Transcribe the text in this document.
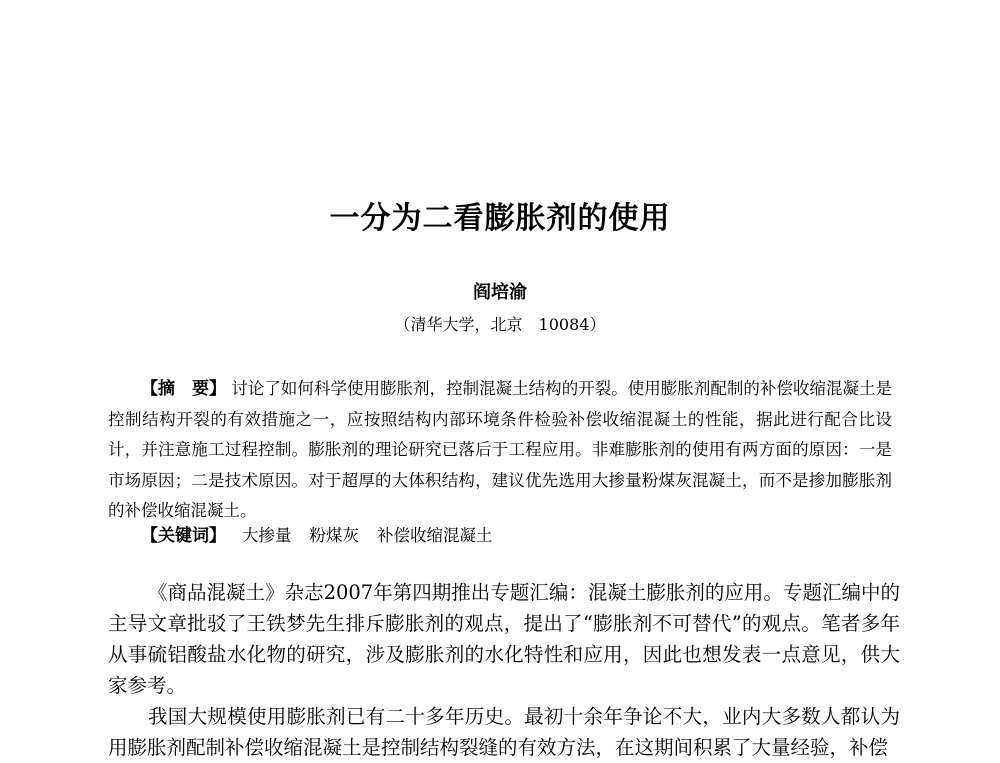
一分为二看膨胀剂的使用
阎培渝
（清华大学，北京　10084）
【摘　要】 讨论了如何科学使用膨胀剂，控制混凝土结构的开裂。使用膨胀剂配制的补偿收缩混凝土是控制结构开裂的有效措施之一，应按照结构内部环境条件检验补偿收缩混凝土的性能，据此进行配合比设计，并注意施工过程控制。膨胀剂的理论研究已落后于工程应用。非难膨胀剂的使用有两方面的原因：一是市场原因；二是技术原因。对于超厚的大体积结构，建议优先选用大掺量粉煤灰混凝土，而不是掺加膨胀剂的补偿收缩混凝土。
【关键词】 大掺量 粉煤灰 补偿收缩混凝土

《商品混凝土》杂志2007年第四期推出专题汇编：混凝土膨胀剂的应用。专题汇编中的主导文章批驳了王铁梦先生排斥膨胀剂的观点，提出了“膨胀剂不可替代”的观点。笔者多年从事硫铝酸盐水化物的研究，涉及膨胀剂的水化特性和应用，因此也想发表一点意见，供大家参考。

我国大规模使用膨胀剂已有二十多年历史。最初十余年争论不大，业内大多数人都认为用膨胀剂配制补偿收缩混凝土是控制结构裂缝的有效方法，在这期间积累了大量经验，补偿
